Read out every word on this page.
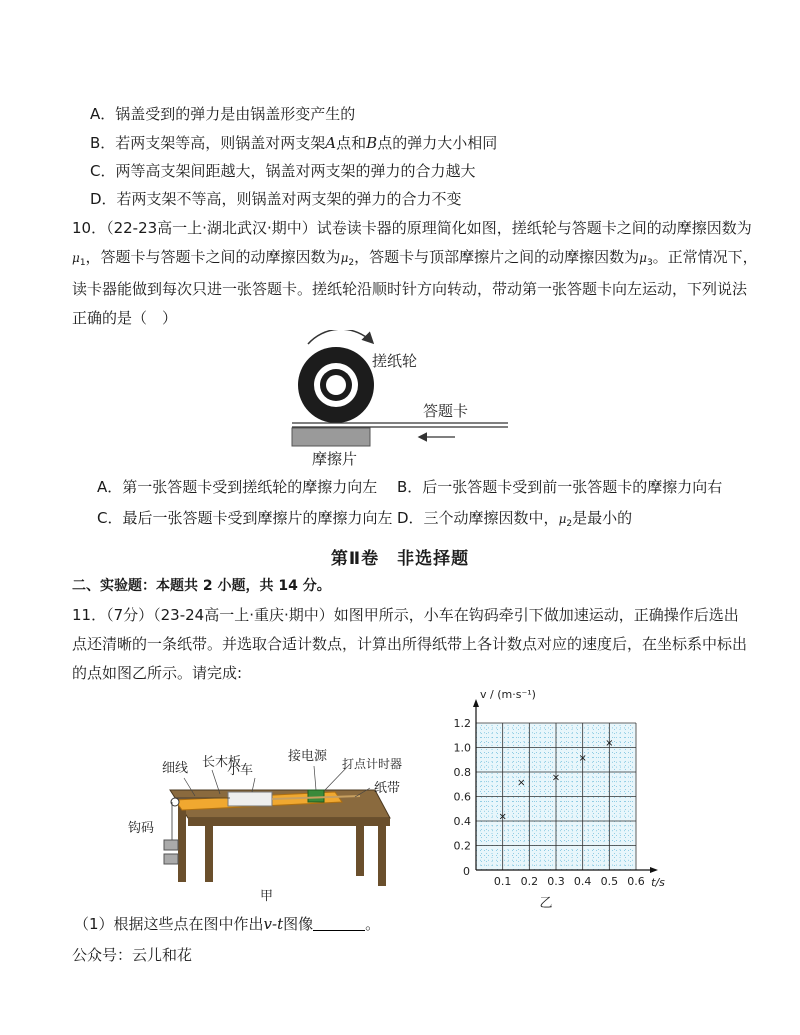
A．锅盖受到的弹力是由锅盖形变产生的
B．若两支架等高，则锅盖对两支架A点和B点的弹力大小相同
C．两等高支架间距越大，锅盖对两支架的弹力的合力越大
D．若两支架不等高，则锅盖对两支架的弹力的合力不变
10．（22-23高一上·湖北武汉·期中）试卷读卡器的原理简化如图，搓纸轮与答题卡之间的动摩擦因数为
$\mu_1$，答题卡与答题卡之间的动摩擦因数为$\mu_2$，答题卡与顶部摩擦片之间的动摩擦因数为$\mu_3$。正常情况下，
读卡器能做到每次只进一张答题卡。搓纸轮沿顺时针方向转动，带动第一张答题卡向左运动，下列说法
正确的是（　）
搓纸轮
答题卡
摩擦片
A．第一张答题卡受到搓纸轮的摩擦力向左 B．后一张答题卡受到前一张答题卡的摩擦力向右
C．最后一张答题卡受到摩擦片的摩擦力向左 D．三个动摩擦因数中，$\mu_2$是最小的
第Ⅱ卷　非选择题
二、实验题：本题共 2 小题，共 14 分。
11．（7分）（23-24高一上·重庆·期中）如图甲所示，小车在钩码牵引下做加速运动，正确操作后选出
点还清晰的一条纸带。并选取合适计数点，计算出所得纸带上各计数点对应的速度后，在坐标系中标出
的点如图乙所示。请完成:
细线 长木板
小车
接电源 打点计时器
纸带
钩码
甲
0.1 0.2 0.3 0.4 0.5 0.6
0.2
0.4
0.6
0.8
1.0
1.2
0
t/s
v / (m·s⁻¹)
乙
×
×	×
×
×
（1）根据这些点在图中作出v-t图像	。
公众号：云儿和花
